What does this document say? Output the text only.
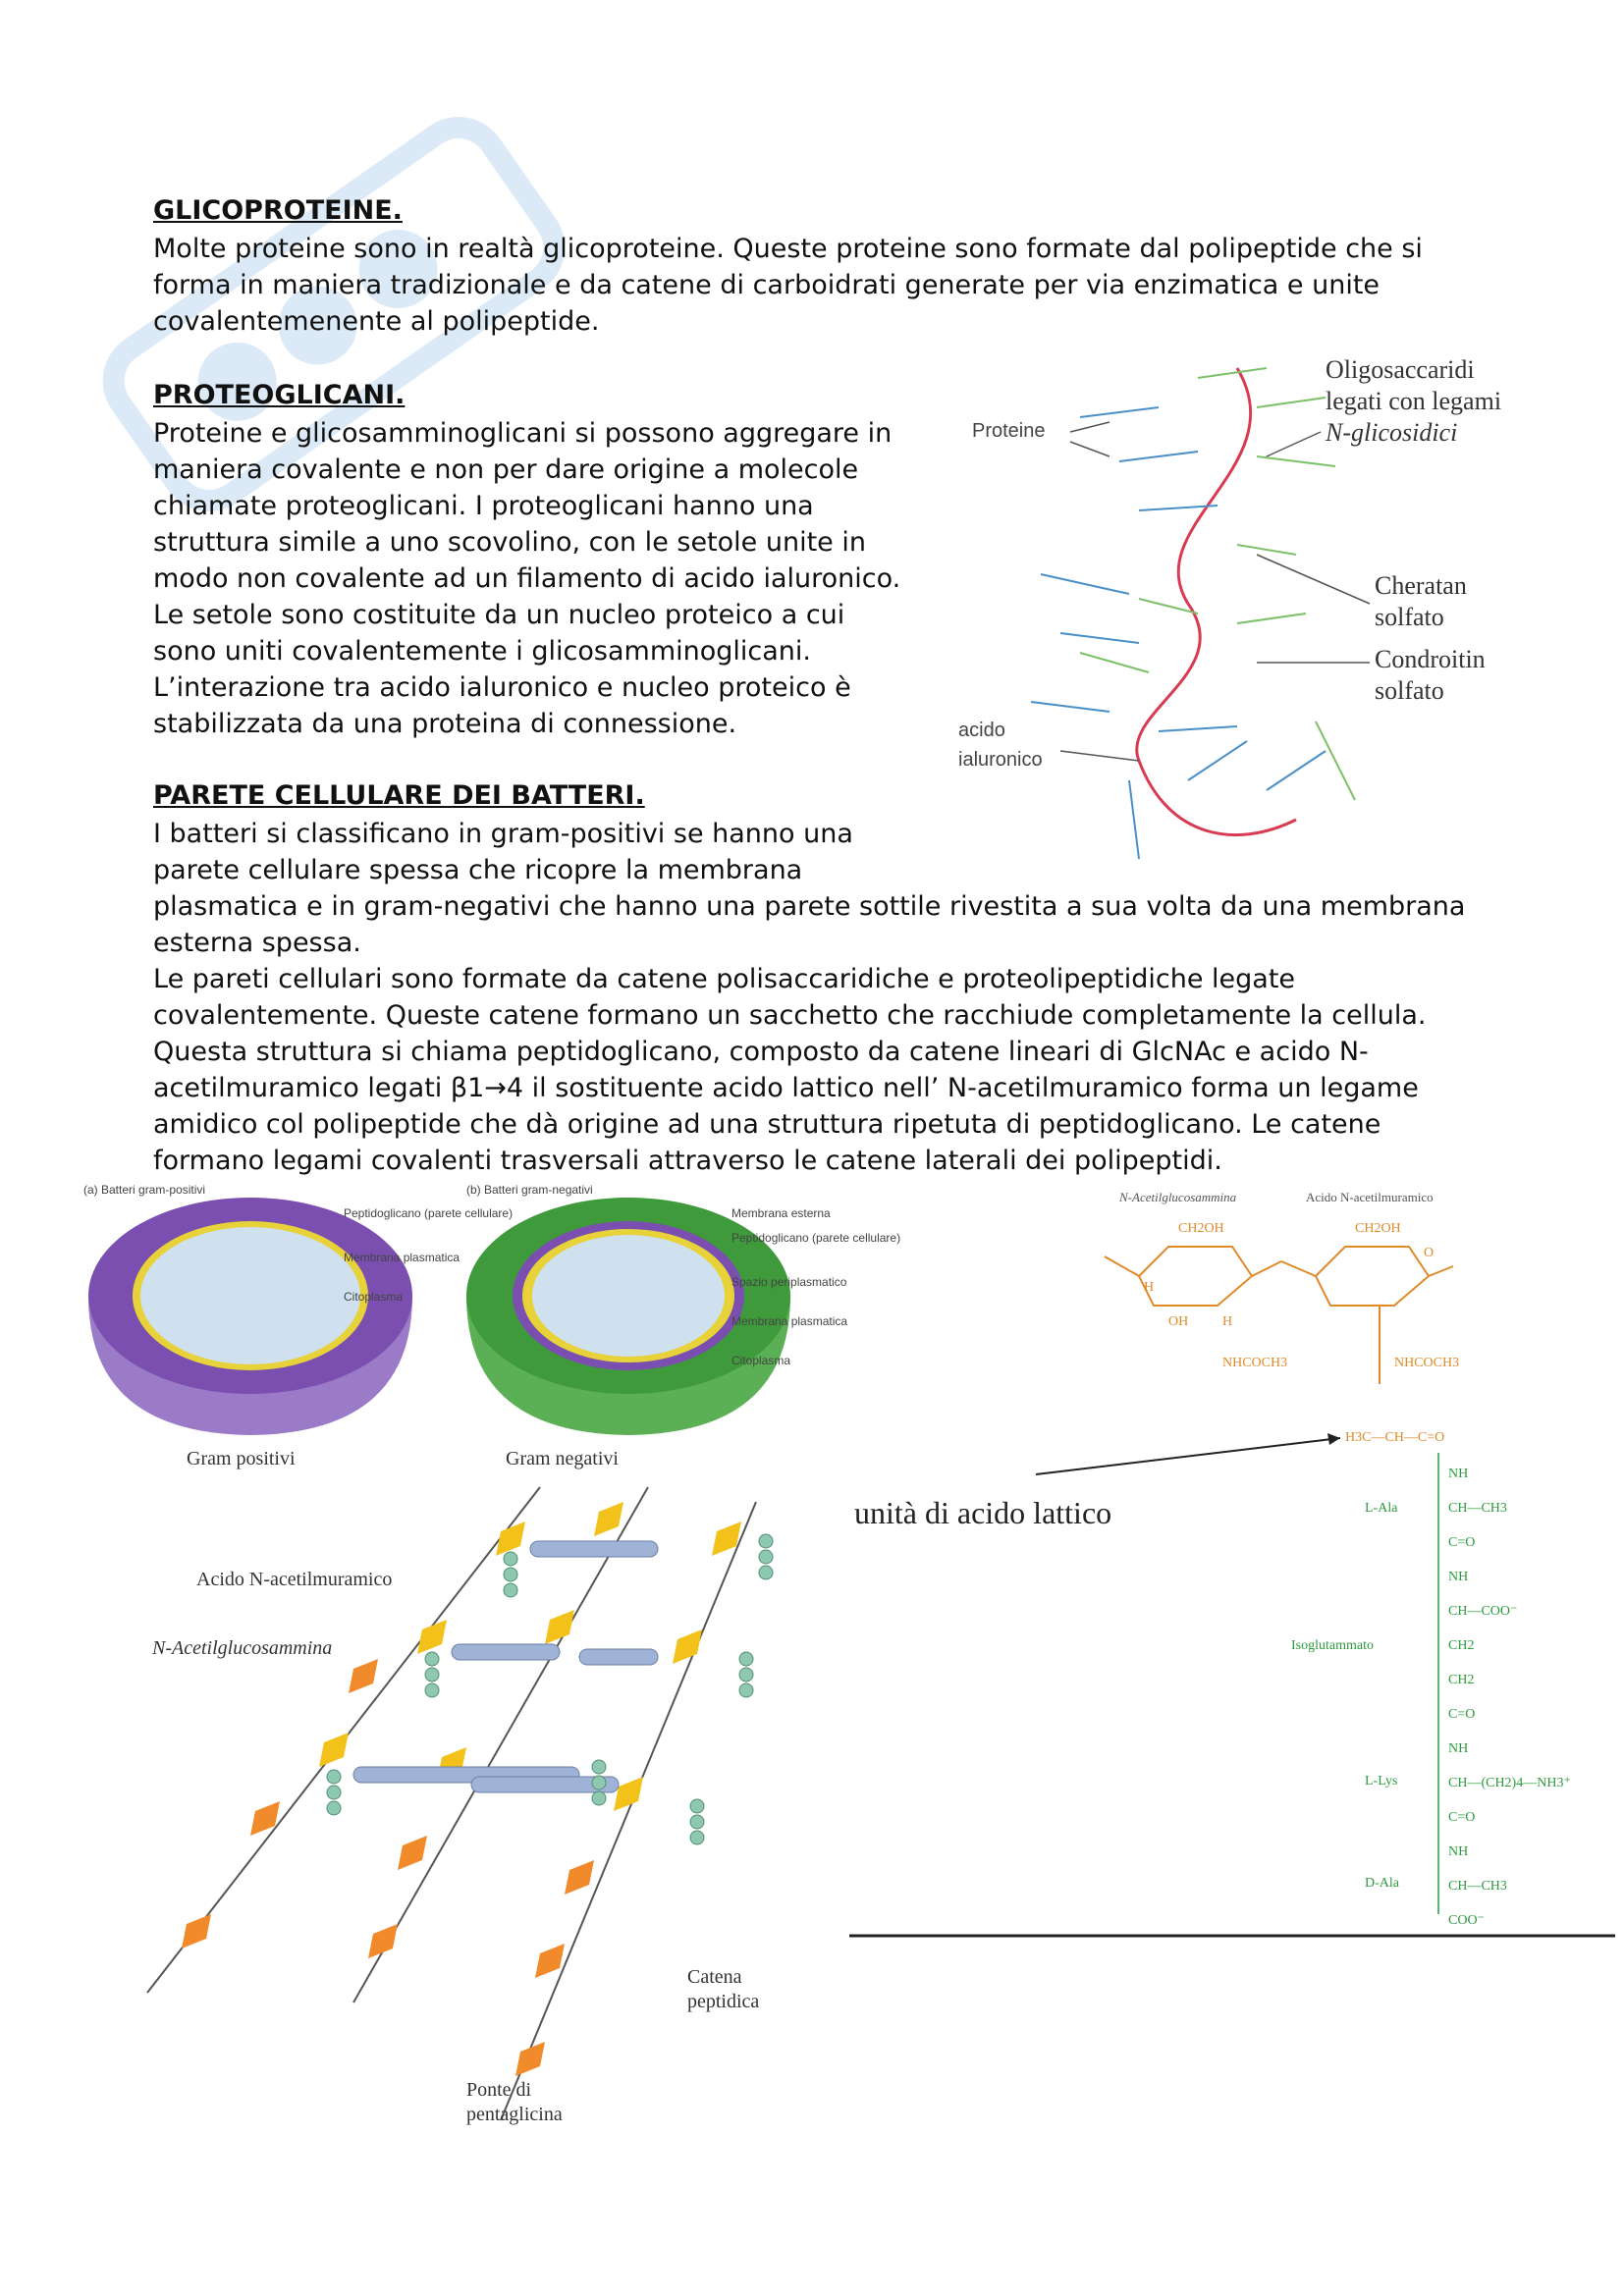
GLICOPROTEINE.
Molte proteine sono in realtà glicoproteine. Queste proteine sono formate dal polipeptide che si
forma in maniera tradizionale e da catene di carboidrati generate per via enzimatica e unite
covalentemenente al polipeptide.
PROTEOGLICANI.
Proteine e glicosamminoglicani si possono aggregare in
maniera covalente e non per dare origine a molecole
chiamate proteoglicani. I proteoglicani hanno una
struttura simile a uno scovolino, con le setole unite in
modo non covalente ad un filamento di acido ialuronico.
Le setole sono costituite da un nucleo proteico a cui
sono uniti covalentemente i glicosamminoglicani.
L’interazione tra acido ialuronico e nucleo proteico è
stabilizzata da una proteina di connessione.
Proteine
Oligosaccaridi
legati con legami
N-glicosidici
Cheratan
solfato
Condroitin
solfato
acido
ialuronico
PARETE CELLULARE DEI BATTERI.
I batteri si classificano in gram-positivi se hanno una
parete cellulare spessa che ricopre la membrana
plasmatica e in gram-negativi che hanno una parete sottile rivestita a sua volta da una membrana
esterna spessa.
Le pareti cellulari sono formate da catene polisaccaridiche e proteolipeptidiche legate
covalentemente. Queste catene formano un sacchetto che racchiude completamente la cellula.
Questa struttura si chiama peptidoglicano, composto da catene lineari di GlcNAc e acido N-
acetilmuramico legati β1→4 il sostituente acido lattico nell’ N-acetilmuramico forma un legame
amidico col polipeptide che dà origine ad una struttura ripetuta di peptidoglicano. Le catene
formano legami covalenti trasversali attraverso le catene laterali dei polipeptidi.
(a) Batteri gram-positivi	(b) Batteri gram-negativi
Peptidoglicano (parete cellulare)
Membrana plasmatica
Citoplasma
Membrana esterna
Peptidoglicano (parete cellulare)
Spazio periplasmatico
Membrana plasmatica
Citoplasma
Gram positivi	Gram negativi
Acido N-acetilmuramico
N-Acetilglucosammina
Catena
peptidica
Ponte di
pentaglicina
N-Acetilglucosammina	Acido N-acetilmuramico
CH2OH	CH2OH
H
OH H
NHCOCH3	NHCOCH3
O
H3C—CH—C=O
unità di acido lattico
NH
CH—CH3
C=O
NH
CH—COO⁻
CH2
CH2
C=O
NH
CH—(CH2)4—NH3⁺
C=O
NH
CH—CH3
COO⁻
L-Ala
Isoglutammato
L-Lys
D-Ala
